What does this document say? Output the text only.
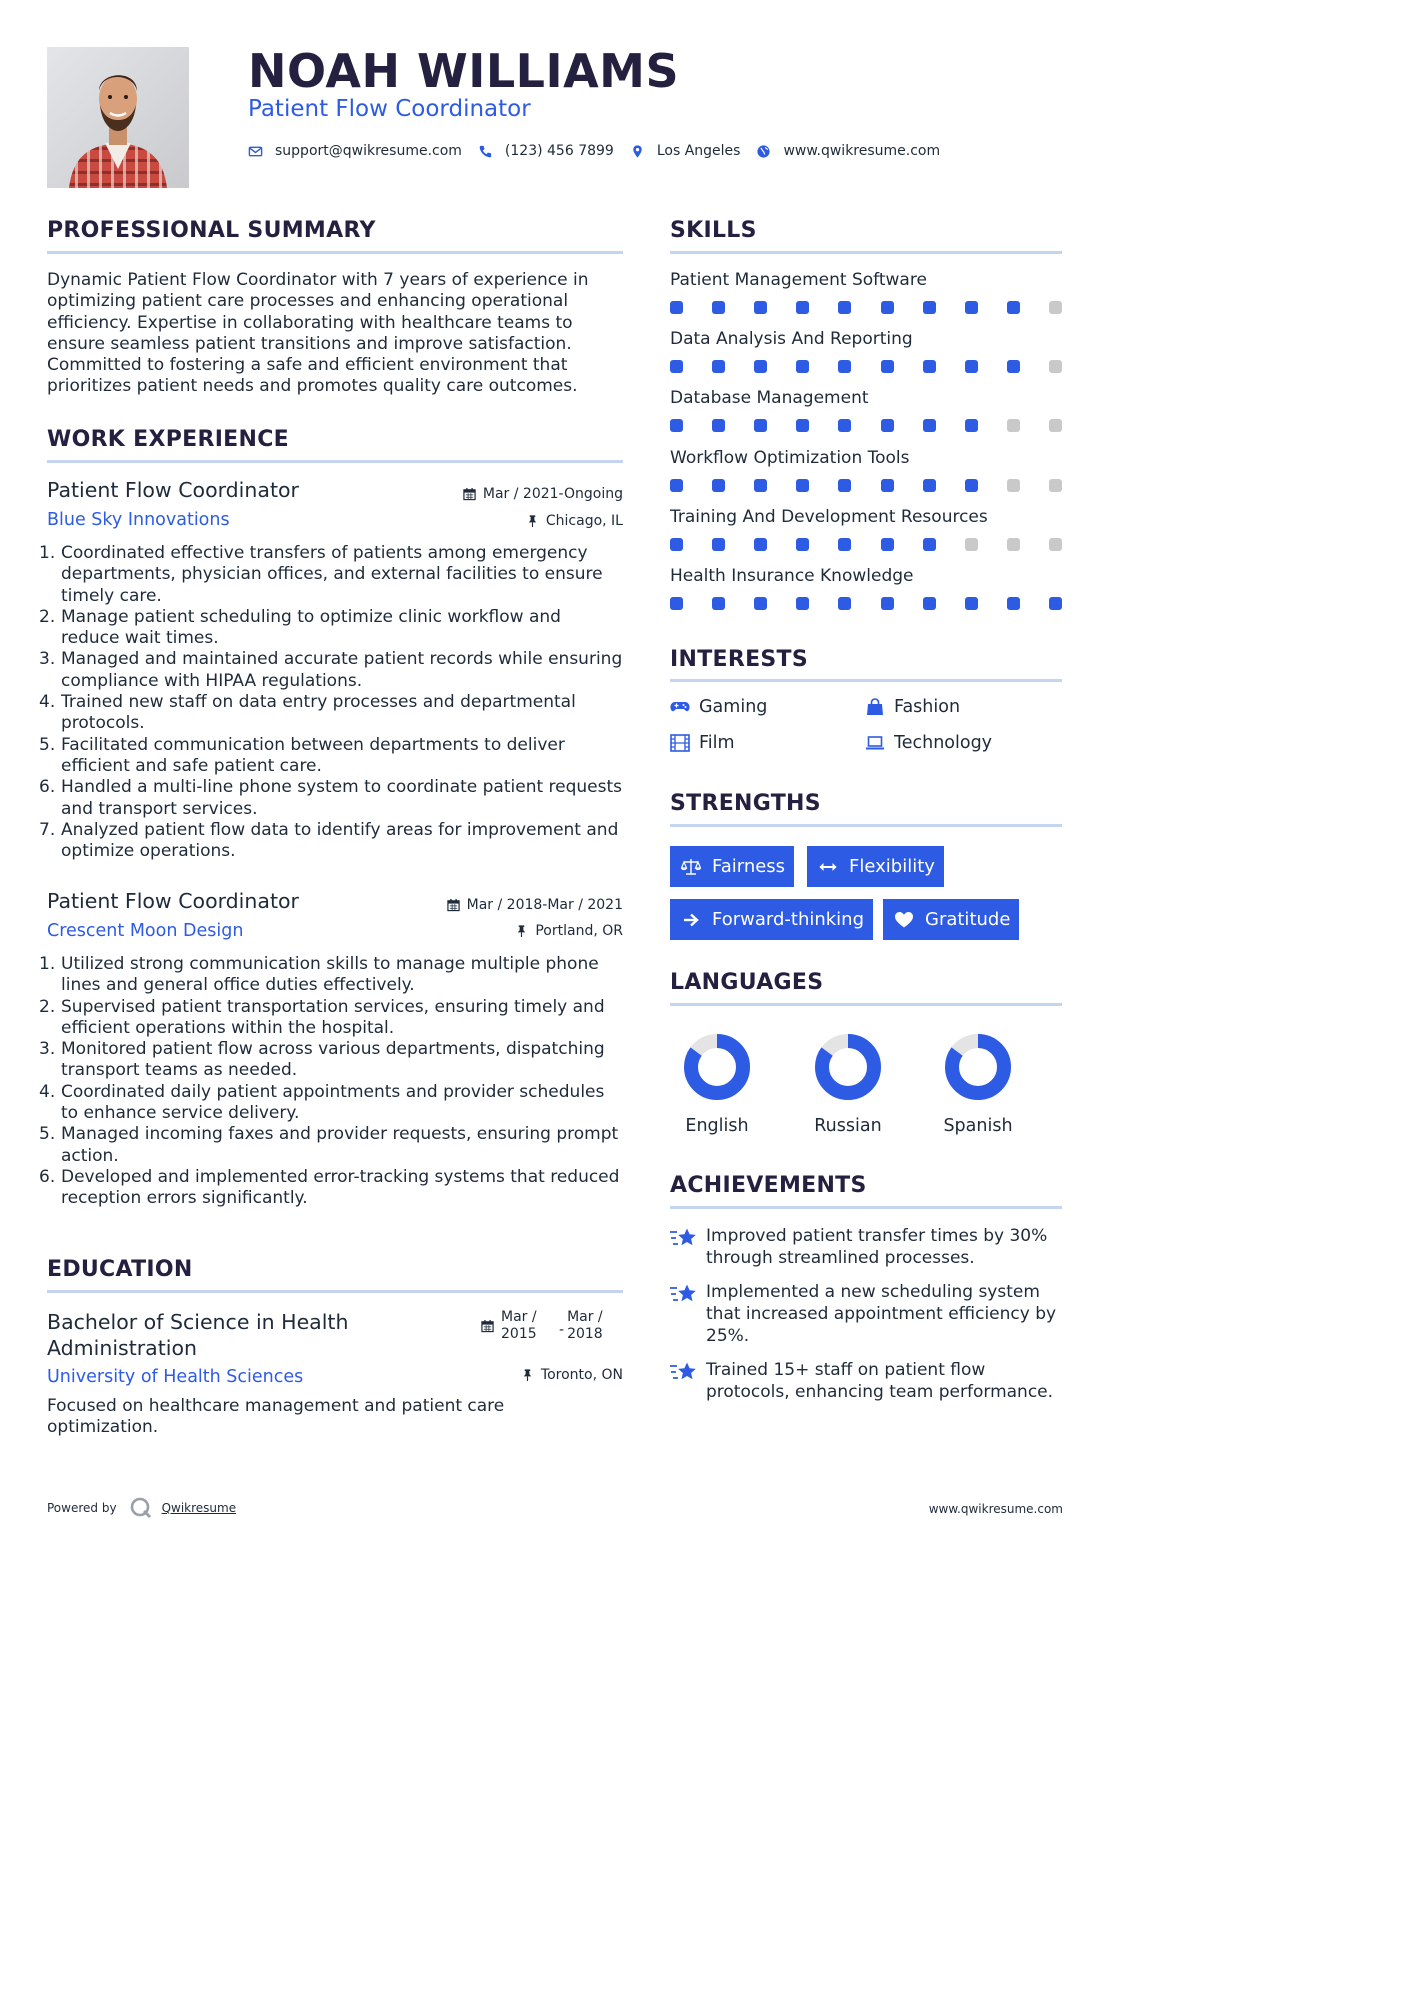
NOAH WILLIAMS
Patient Flow Coordinator
support@qwikresume.com	(123) 456 7899	Los Angeles	www.qwikresume.com
PROFESSIONAL SUMMARY
Dynamic Patient Flow Coordinator with 7 years of experience in optimizing patient care processes and enhancing operational efficiency. Expertise in collaborating with healthcare teams to ensure seamless patient transitions and improve satisfaction. Committed to fostering a safe and efficient environment that prioritizes patient needs and promotes quality care outcomes.
WORK EXPERIENCE
Patient Flow Coordinator	Mar / 2021-Ongoing
Blue Sky Innovations	Chicago, IL
1. Coordinated effective transfers of patients among emergency departments, physician offices, and external facilities to ensure timely care.
2. Manage patient scheduling to optimize clinic workflow and reduce wait times.
3. Managed and maintained accurate patient records while ensuring compliance with HIPAA regulations.
4. Trained new staff on data entry processes and departmental protocols.
5. Facilitated communication between departments to deliver efficient and safe patient care.
6. Handled a multi-line phone system to coordinate patient requests and transport services.
7. Analyzed patient flow data to identify areas for improvement and optimize operations.
Patient Flow Coordinator	Mar / 2018-Mar / 2021
Crescent Moon Design	Portland, OR
1. Utilized strong communication skills to manage multiple phone lines and general office duties effectively.
2. Supervised patient transportation services, ensuring timely and efficient operations within the hospital.
3. Monitored patient flow across various departments, dispatching transport teams as needed.
4. Coordinated daily patient appointments and provider schedules to enhance service delivery.
5. Managed incoming faxes and provider requests, ensuring prompt action.
6. Developed and implemented error-tracking systems that reduced reception errors significantly.
EDUCATION
Bachelor of Science in Health Administration
Mar / 2015	-
Mar / 2018
University of Health Sciences	Toronto, ON
Focused on healthcare management and patient care optimization.
SKILLS
Patient Management Software
Data Analysis And Reporting
Database Management
Workflow Optimization Tools
Training And Development Resources
Health Insurance Knowledge
INTERESTS
Gaming	Fashion
Film	Technology
STRENGTHS
Fairness	Flexibility
Forward-thinking	Gratitude
LANGUAGES
English	Russian	Spanish
ACHIEVEMENTS
Improved patient transfer times by 30% through streamlined processes.
Implemented a new scheduling system that increased appointment efficiency by 25%.
Trained 15+ staff on patient flow protocols, enhancing team performance.
Powered by	Qwikresume	www.qwikresume.com
